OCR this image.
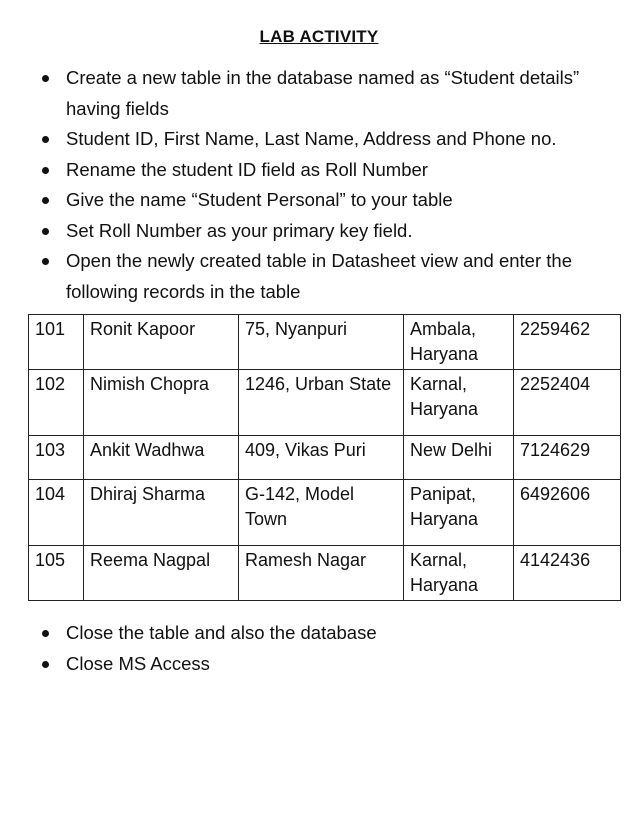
LAB ACTIVITY
Create a new table in the database named as “Student details” having fields
Student ID, First Name, Last Name, Address and Phone no.
Rename the student ID field as Roll Number
Give the name “Student Personal” to your table
Set Roll Number as your primary key field.
Open the newly created table in Datasheet view and enter the following records in the table
101	Ronit Kapoor	75, Nyanpuri	Ambala, Haryana	2259462
102	Nimish Chopra	1246, Urban State	Karnal, Haryana	2252404
103	Ankit Wadhwa	409, Vikas Puri	New Delhi	7124629
104	Dhiraj Sharma	G-142, Model Town	Panipat, Haryana	6492606
105	Reema Nagpal	Ramesh Nagar	Karnal, Haryana	4142436
Close the table and also the database
Close MS Access
